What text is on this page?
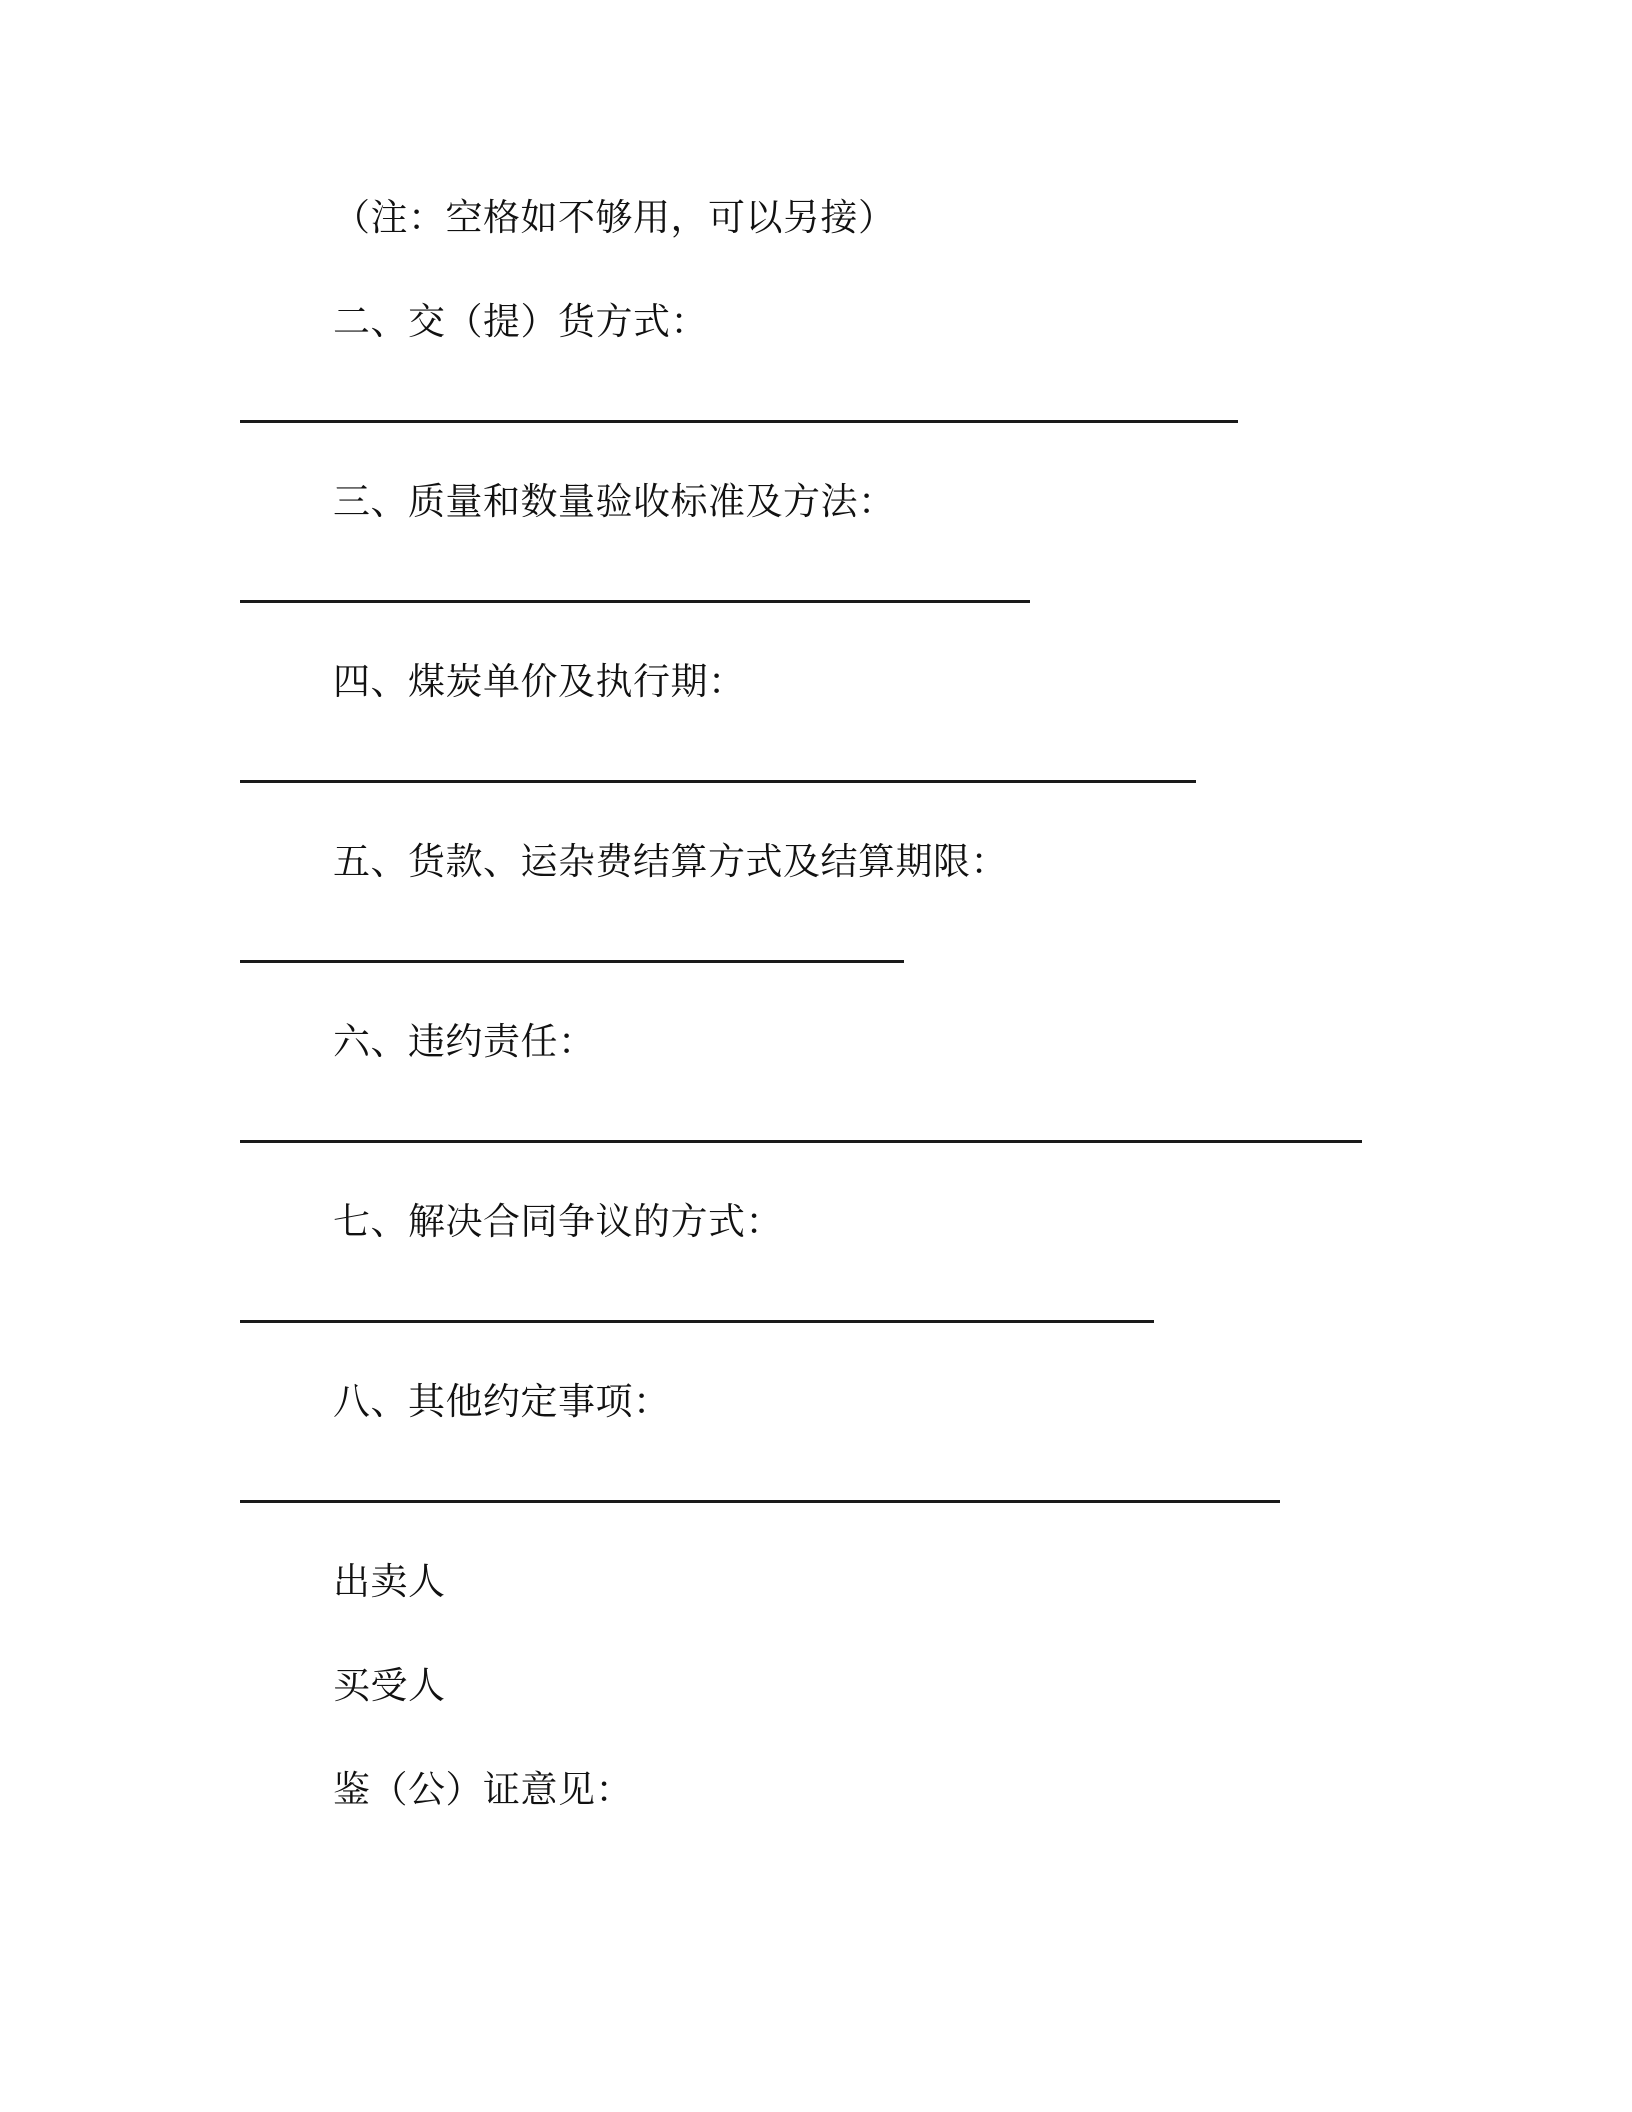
（注：空格如不够用，可以另接）
二、交（提）货方式：
三、质量和数量验收标准及方法：
四、煤炭单价及执行期：
五、货款、运杂费结算方式及结算期限：
六、违约责任：
七、解决合同争议的方式：
八、其他约定事项：
出卖人
买受人
鉴（公）证意见：
